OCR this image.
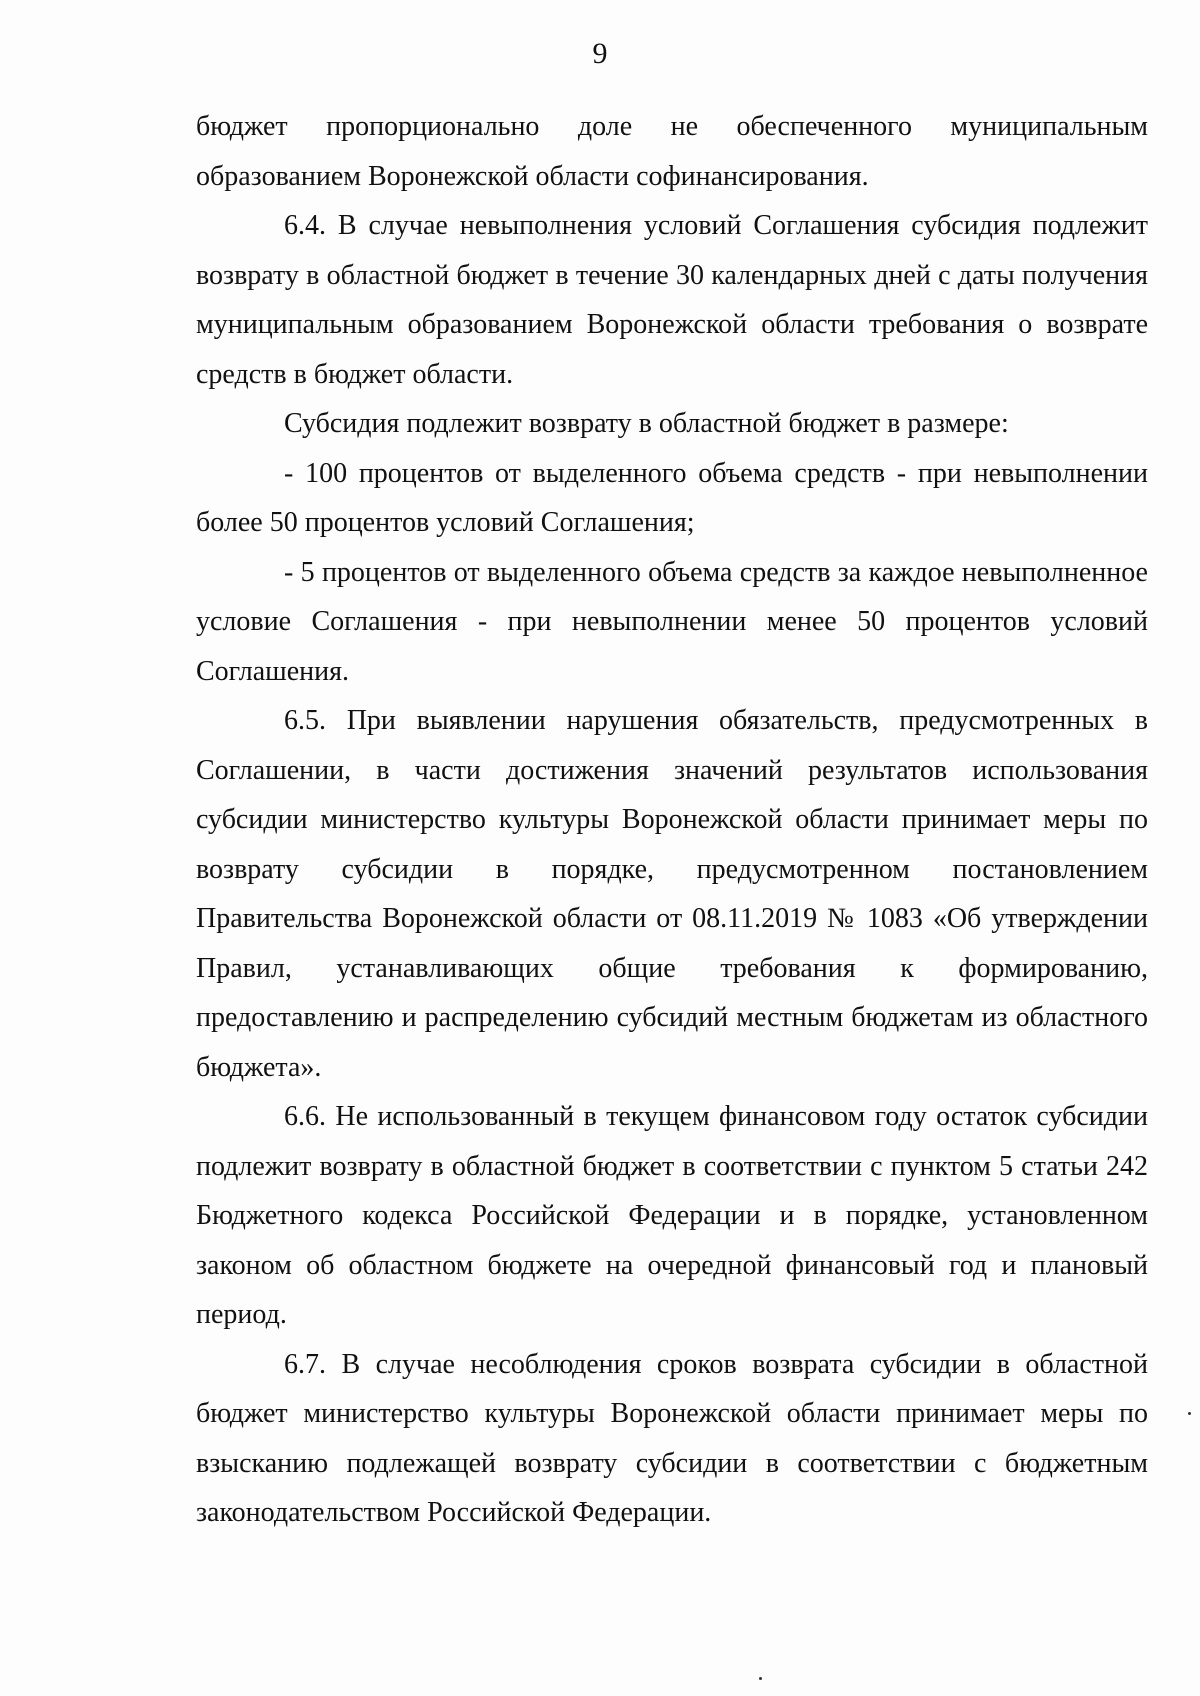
9

бюджет пропорционально доле не обеспеченного муниципальным образованием Воронежской области софинансирования.

6.4. В случае невыполнения условий Соглашения субсидия подлежит возврату в областной бюджет в течение 30 календарных дней с даты получения муниципальным образованием Воронежской области требования о возврате средств в бюджет области.

Субсидия подлежит возврату в областной бюджет в размере:

- 100 процентов от выделенного объема средств - при невыполнении более 50 процентов условий Соглашения;

- 5 процентов от выделенного объема средств за каждое невыполненное условие Соглашения - при невыполнении менее 50 процентов условий Соглашения.

6.5. При выявлении нарушения обязательств, предусмотренных в Соглашении, в части достижения значений результатов использования субсидии министерство культуры Воронежской области принимает меры по возврату субсидии в порядке, предусмотренном постановлением Правительства Воронежской области от 08.11.2019 № 1083 «Об утверждении Правил, устанавливающих общие требования к формированию, предоставлению и распределению субсидий местным бюджетам из областного бюджета».

6.6. Не использованный в текущем финансовом году остаток субсидии подлежит возврату в областной бюджет в соответствии с пунктом 5 статьи 242 Бюджетного кодекса Российской Федерации и в порядке, установленном законом об областном бюджете на очередной финансовый год и плановый период.

6.7. В случае несоблюдения сроков возврата субсидии в областной бюджет министерство культуры Воронежской области принимает меры по взысканию подлежащей возврату субсидии в соответствии с бюджетным законодательством Российской Федерации.
